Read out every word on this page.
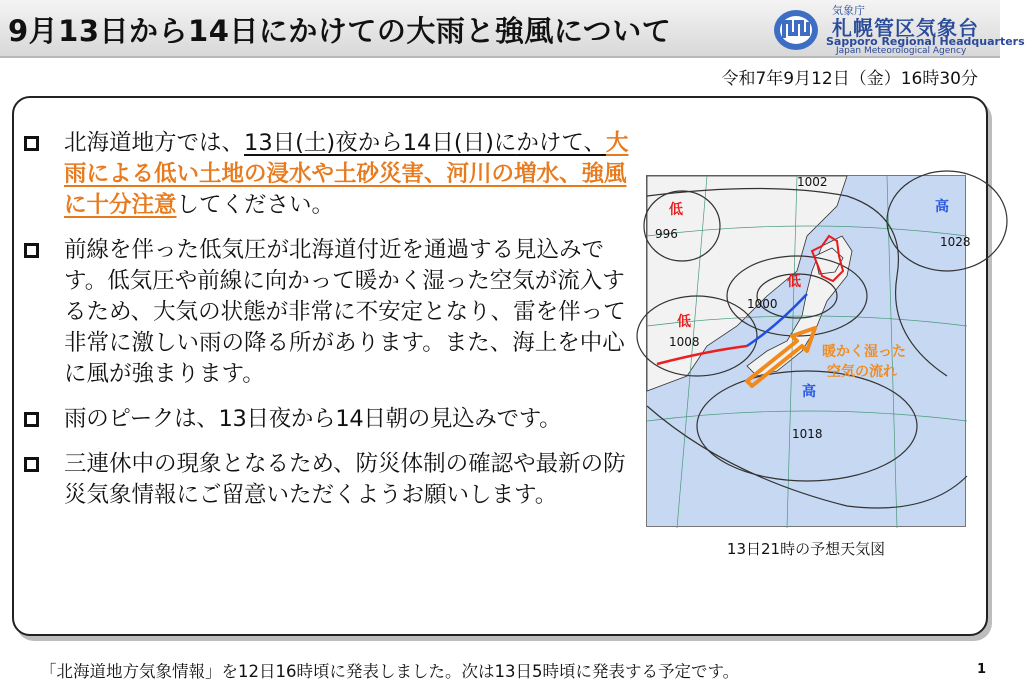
9月13日から14日にかけての大雨と強風について
気象庁
札幌管区気象台
Sapporo Regional Headquarters
Japan Meteorological Agency
令和7年9月12日（金）16時30分
北海道地方では、13日(土)夜から14日(日)にかけて、大雨による低い土地の浸水や土砂災害、河川の増水、強風に十分注意してください。
前線を伴った低気圧が北海道付近を通過する見込みです。低気圧や前線に向かって暖かく湿った空気が流入するため、大気の状態が非常に不安定となり、雷を伴って非常に激しい雨の降る所があります。また、海上を中心に風が強まります。
雨のピークは、13日夜から14日朝の見込みです。
三連休中の現象となるため、防災体制の確認や最新の防災気象情報にご留意いただくようお願いします。
低
996
1002
高
1028
低
1000
低
1008
高
1018
暖かく湿った
空気の流れ
13日21時の予想天気図
「北海道地方気象情報」を12日16時頃に発表しました。次は13日5時頃に発表する予定です。	1
